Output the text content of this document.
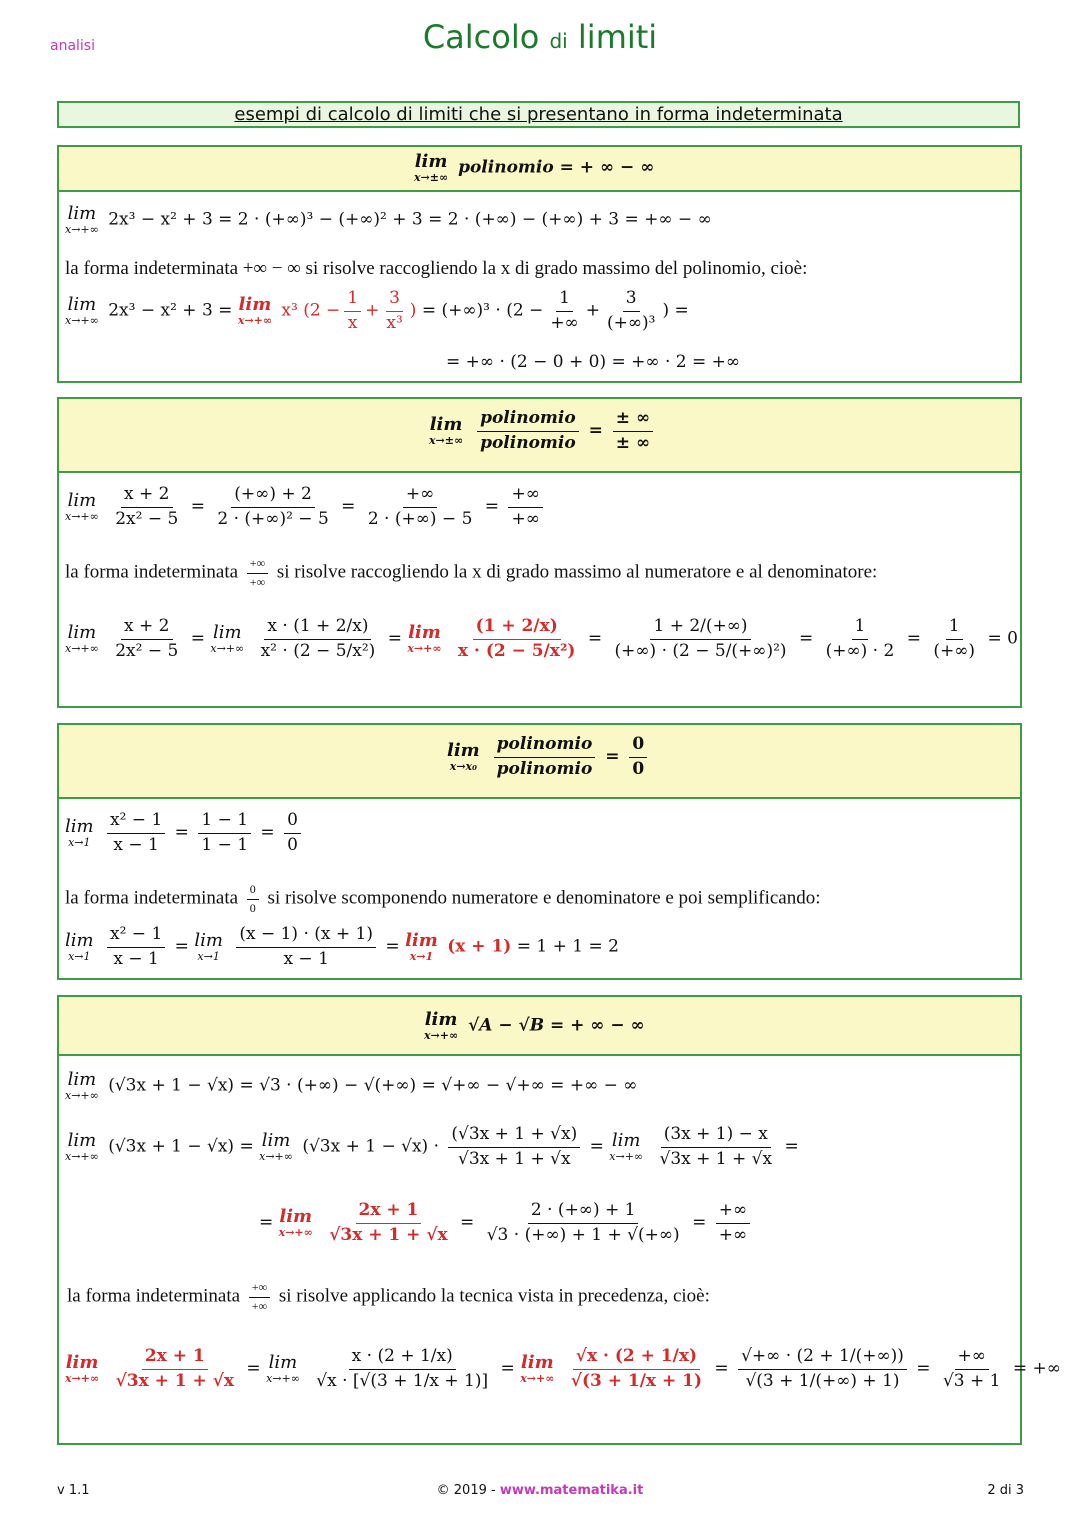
analisi	Calcolo di limiti
esempi di calcolo di limiti che si presentano in forma indeterminata
lim
x→±∞ polinomio = + ∞ − ∞
lim
x→+∞ 2x³ − x² + 3 = 2 · (+∞)³ − (+∞)² + 3 = 2 · (+∞) − (+∞) + 3 = +∞ − ∞
la forma indeterminata +∞ − ∞ si risolve raccogliendo la x di grado massimo del polinomio, cioè:
lim
x→+∞ 2x³ − x² + 3 = lim
x→+∞ x³ ($2 - \frac{1}{x} + \frac{3}{\text{x³}}$ ) = (+∞)³ · (2 −
1
+∞
+
3
(+∞)³
) =
= +∞ · (2 − 0 + 0) = +∞ · 2 = +∞
lim
x→±∞

polinomio
polinomio
=
± ∞
± ∞
lim
x→+∞
$\frac{x + 2}{\text{2x² − 5}} = \frac{(+\infty) + 2}{\text{2 · (+∞)² − 5}}$ =
+∞
2 · (+∞) − 5
=
+∞
+∞
la forma indeterminata +∞
+∞ si risolve raccogliendo la x di grado massimo al numeratore e al denominatore:
lim
x→+∞
$\frac{x + 2}{\text{2x² − 5}} = \lim$
x→+∞
$\frac{x \cdot (1 + 2/x)}{\text{x² · (2 − 5/x²)}} = \lim$
x→+∞
$\frac{(1 + 2/x)}{\text{x · (2 − 5/x²)}} = \frac{1 + 2/(+\infty)}{\text{(+∞) · (2 − 5/(+∞)²)}} = \frac{1}{(+\infty) \cdot 2}$ =
1
(+∞)
= 0
lim
x→x₀

polinomio
polinomio
= $\frac{0}{0}$
lim
x→1
$\frac{\text{x² − 1}}{x - 1} = \frac{1 - 1}{1 - 1} = \frac{0}{0}$
la forma indeterminata $\frac{0}{0}$ si risolve scomponendo numeratore e denominatore e poi semplificando:
lim
x→1
$\frac{\text{x² − 1}}{x - 1} = \lim$
x→1
$\frac{(x - 1) \cdot (x + 1)}{x - 1} = \lim$
x→1 (x + 1) = 1 + 1 = 2
lim
x→+∞ √A − √B = + ∞ − ∞
lim
x→+∞ (√3x + 1 − √x) = √3 · (+∞) − √(+∞) = √+∞ − √+∞ = +∞ − ∞
lim
x→+∞ (√3x + 1 − √x) = lim
x→+∞ $(√3x + 1 - √x) \cdot \frac{(√3x + 1 + √x)}{√3x + 1 + √x} = \lim$
x→+∞
$\frac{(3x + 1) - x}{√3x + 1 + √x}$ =
= lim
x→+∞
$\frac{2x + 1}{√3x + 1 + √x} = \frac{2 \cdot (+\infty) + 1}{√3 \cdot (+\infty) + 1 + √(+\infty)}$ =
+∞
+∞
la forma indeterminata +∞
+∞ si risolve applicando la tecnica vista in precedenza, cioè:
lim
x→+∞
$\frac{2x + 1}{√3x + 1 + √x} = \lim$
x→+∞
$\frac{x \cdot (2 + 1/x)}{√x \cdot [√(3 + 1/x + 1)]} = \lim$
x→+∞
$\frac{√x \cdot (2 + 1/x)}{√(3 + 1/x + 1)} = \frac{√+\infty \cdot (2 + 1/(+\infty))}{√(3 + 1/(+\infty) + 1)}$ =
+∞
√3 + 1
= +∞
v 1.1	© 2019 - www.matematika.it	2 di 3
